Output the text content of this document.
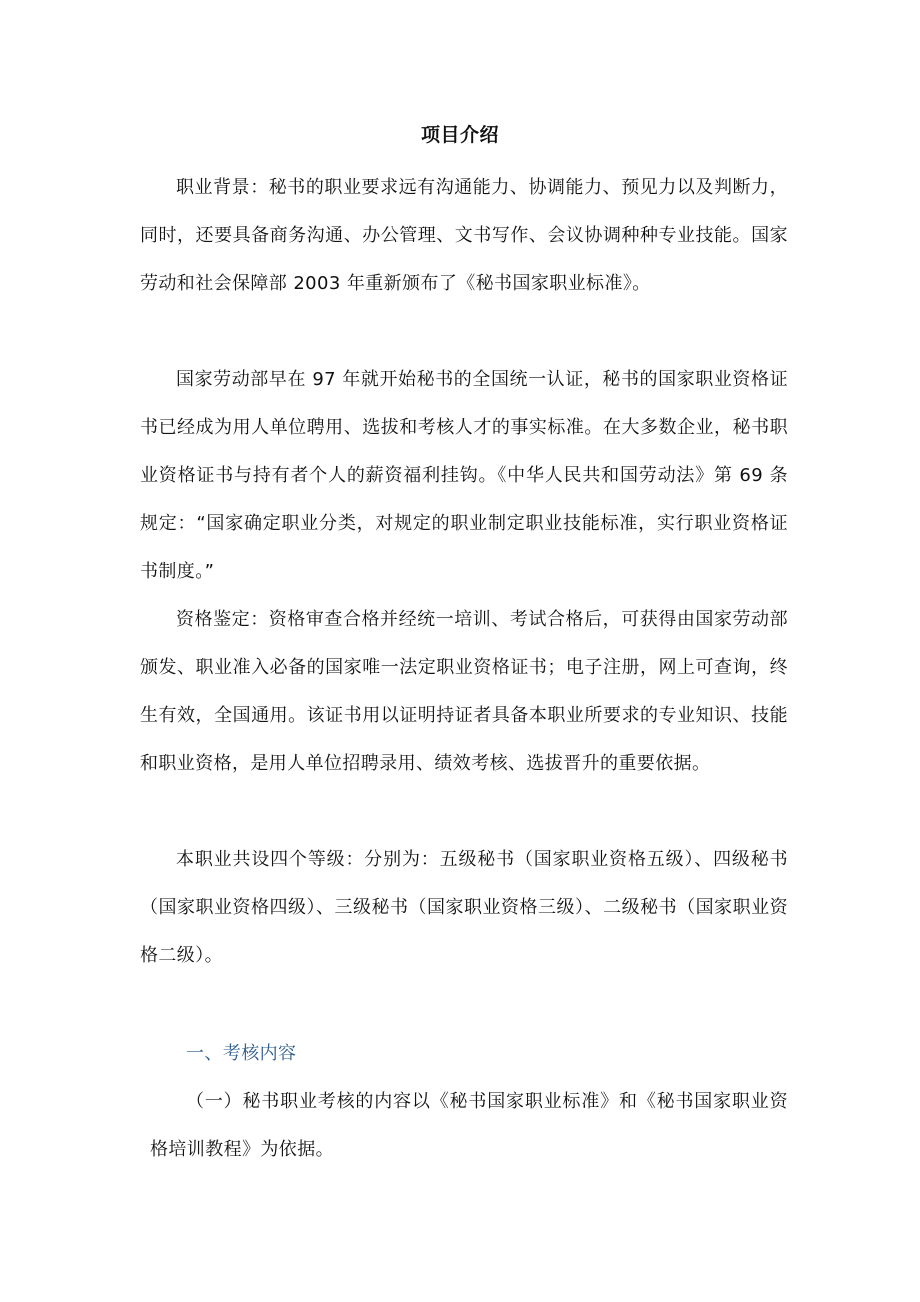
项目介绍

职业背景：秘书的职业要求远有沟通能力、协调能力、预见力以及判断力，同时，还要具备商务沟通、办公管理、文书写作、会议协调种种专业技能。国家劳动和社会保障部 2003 年重新颁布了《秘书国家职业标准》。

国家劳动部早在 97 年就开始秘书的全国统一认证，秘书的国家职业资格证书已经成为用人单位聘用、选拔和考核人才的事实标准。在大多数企业，秘书职业资格证书与持有者个人的薪资福利挂钩。《中华人民共和国劳动法》第 69 条规定：“国家确定职业分类，对规定的职业制定职业技能标准，实行职业资格证书制度。”

资格鉴定：资格审查合格并经统一培训、考试合格后，可获得由国家劳动部颁发、职业准入必备的国家唯一法定职业资格证书；电子注册，网上可查询，终生有效，全国通用。该证书用以证明持证者具备本职业所要求的专业知识、技能和职业资格，是用人单位招聘录用、绩效考核、选拔晋升的重要依据。

本职业共设四个等级：分别为：五级秘书（国家职业资格五级）、四级秘书（国家职业资格四级）、三级秘书（国家职业资格三级）、二级秘书（国家职业资格二级）。

一、考核内容

（一）秘书职业考核的内容以《秘书国家职业标准》和《秘书国家职业资格培训教程》为依据。
